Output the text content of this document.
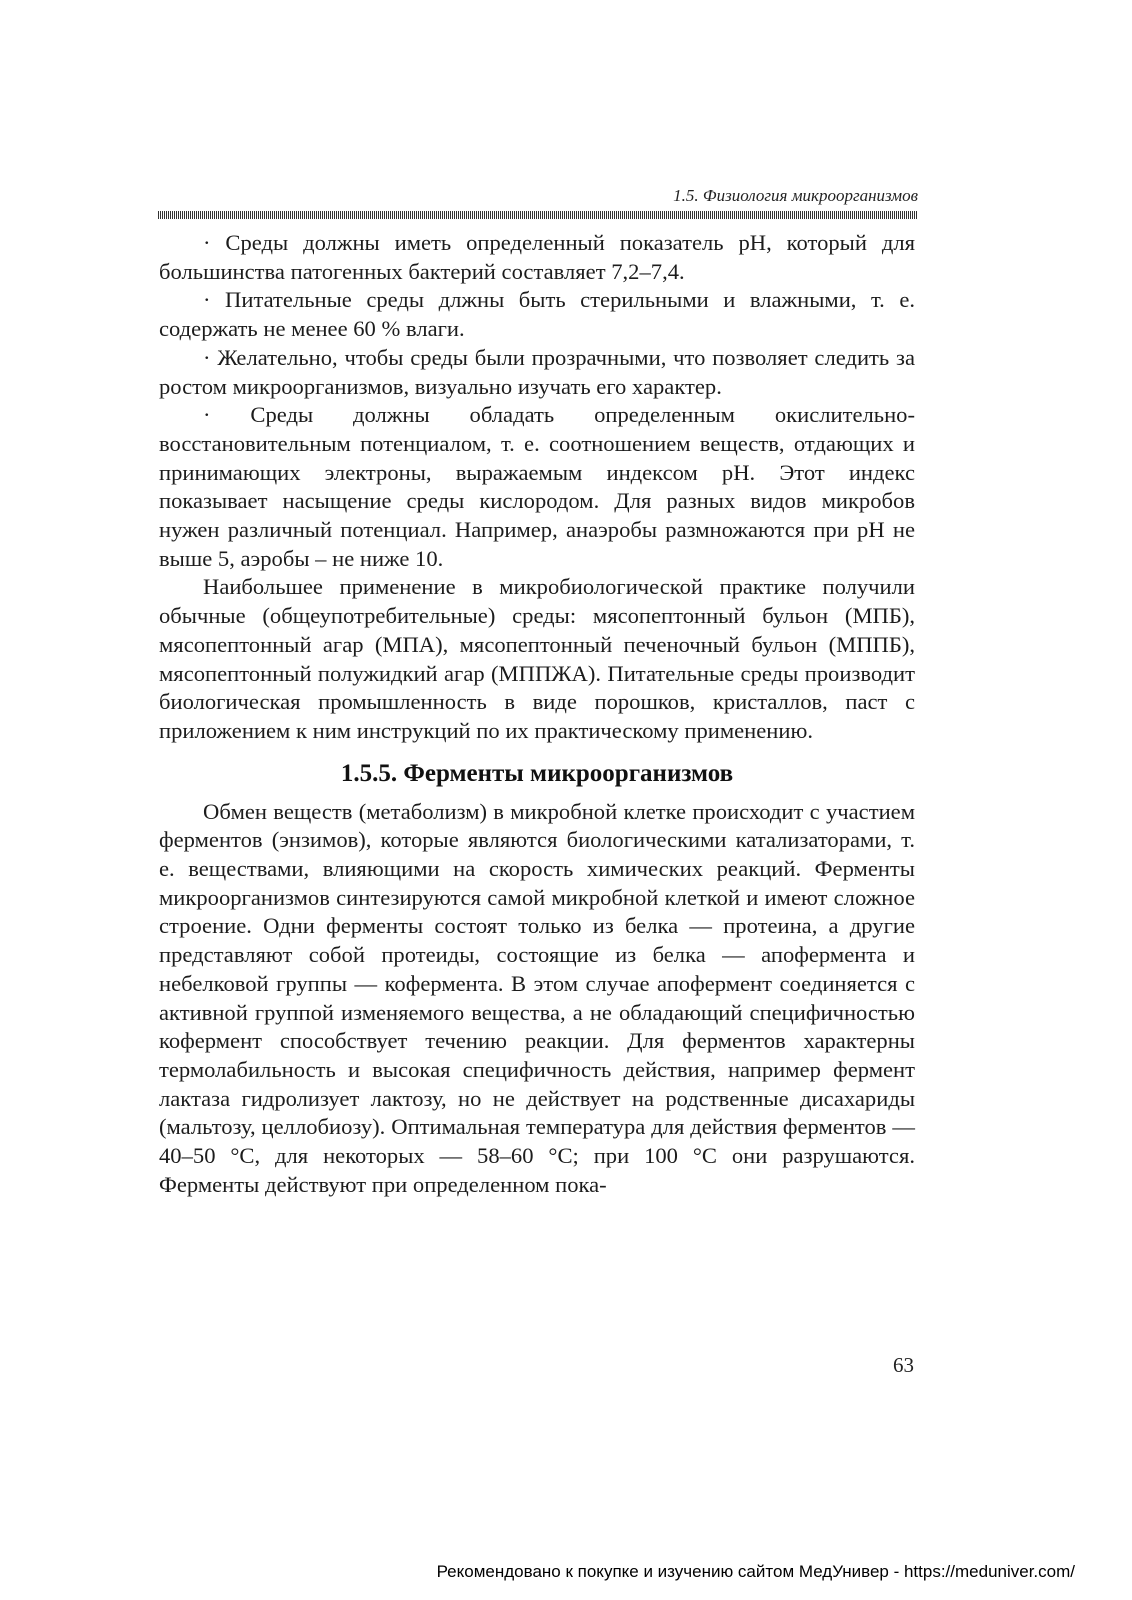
1.5. Физиология микроорганизмов

· Среды должны иметь определенный показатель pH, который для большинства патогенных бактерий составляет 7,2–7,4.

· Питательные среды длжны быть стерильными и влажными, т. е. содержать не менее 60 % влаги.

· Желательно, чтобы среды были прозрачными, что позволяет следить за ростом микроорганизмов, визуально изучать его характер.

· Среды должны обладать определенным окислительно-восстановительным потенциалом, т. е. соотношением веществ, отдающих и принимающих электроны, выражаемым индексом pH. Этот индекс показывает насыщение среды кислородом. Для разных видов микробов нужен различный потенциал. Например, анаэробы размножаются при pH не выше 5, аэробы – не ниже 10.

Наибольшее применение в микробиологической практике получили обычные (общеупотребительные) среды: мясопептонный бульон (МПБ), мясопептонный агар (МПА), мясопептонный печеночный бульон (МППБ), мясопептонный полужидкий агар (МППЖА). Питательные среды производит биологическая промышленность в виде порошков, кристаллов, паст с приложением к ним инструкций по их практическому применению.

1.5.5. Ферменты микроорганизмов

Обмен веществ (метаболизм) в микробной клетке происходит с участием ферментов (энзимов), которые являются биологическими катализаторами, т. е. веществами, влияющими на скорость химических реакций. Ферменты микроорганизмов синтезируются самой микробной клеткой и имеют сложное строение. Одни ферменты состоят только из белка — протеина, а другие представляют собой протеиды, состоящие из белка — апофермента и небелковой группы — кофермента. В этом случае апофермент соединяется с активной группой изменяемого вещества, а не обладающий специфичностью кофермент способствует течению реакции. Для ферментов характерны термолабильность и высокая специфичность действия, например фермент лактаза гидролизует лактозу, но не действует на родственные дисахариды (мальтозу, целлобиозу). Оптимальная температура для действия ферментов — 40–50 °С, для некоторых — 58–60 °С; при 100 °С они разрушаются. Ферменты действуют при определенном пока-

63
Рекомендовано к покупке и изучению сайтом МедУнивер - https://meduniver.com/
